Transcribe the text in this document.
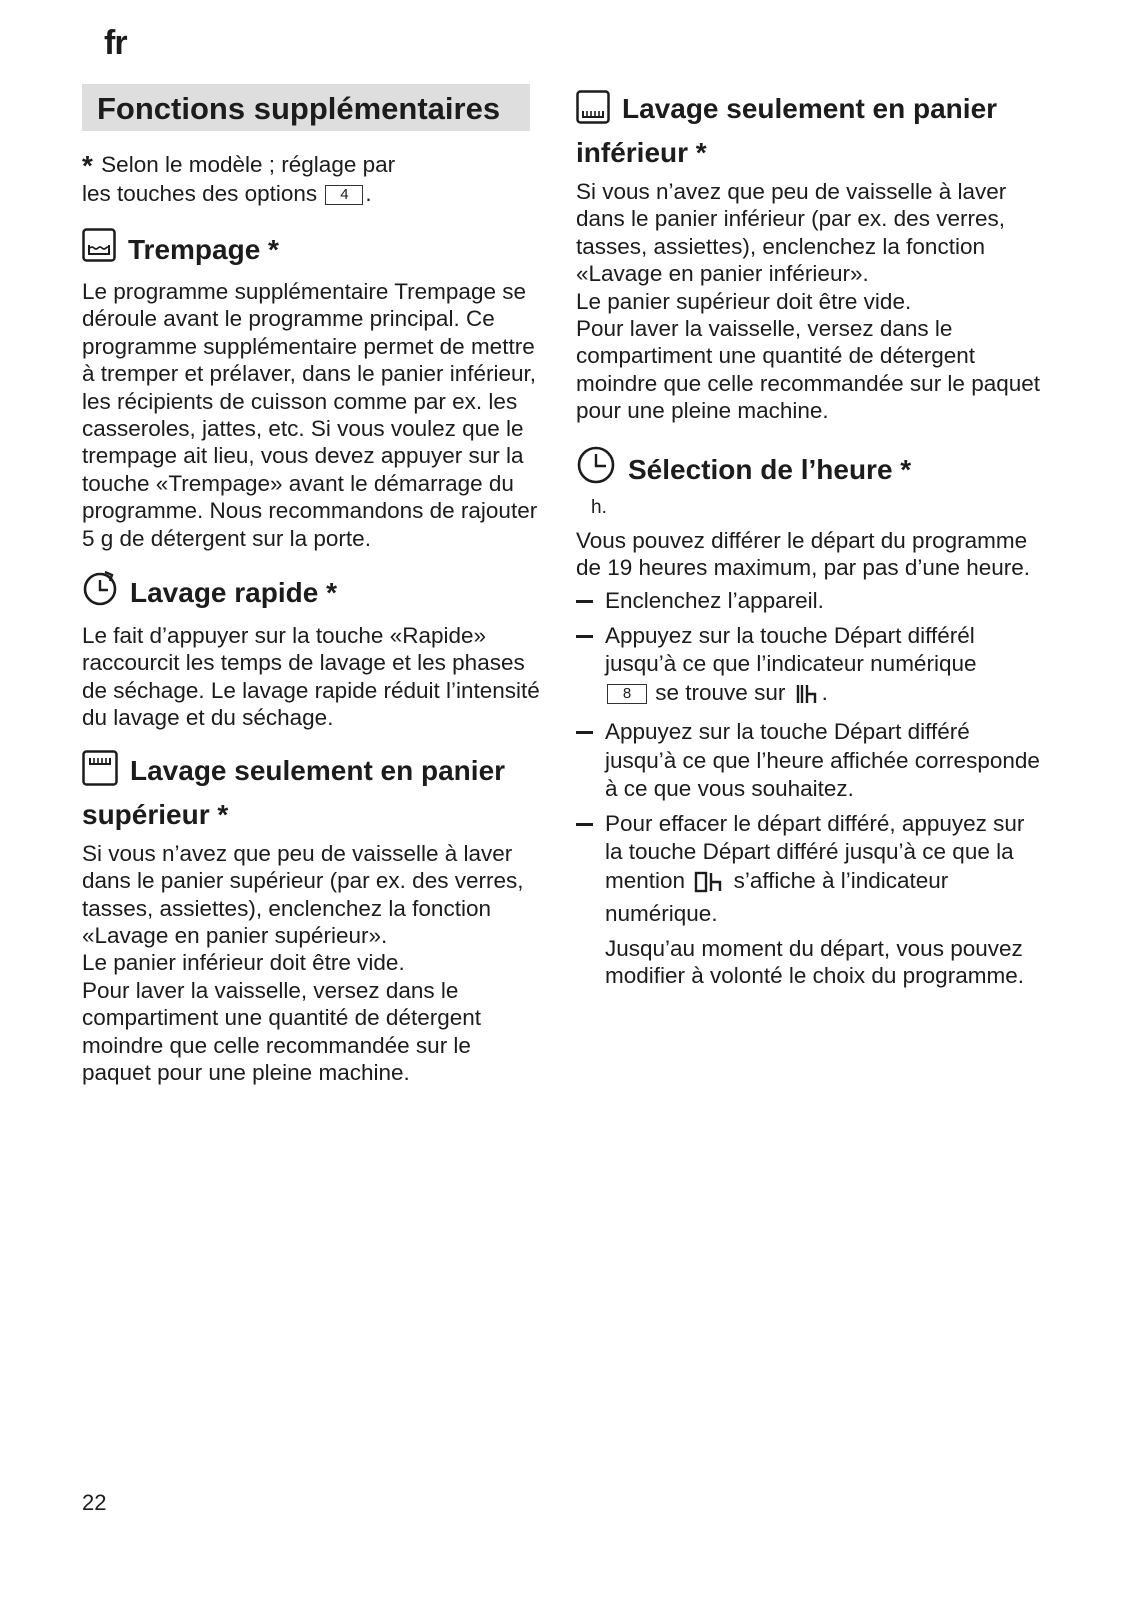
fr
Fonctions supplémentaires
* Selon le modèle ; réglage par
les touches des options 4 .
Trempage *
Le programme supplémentaire Trempage se déroule avant le programme principal. Ce programme supplémentaire permet de mettre à tremper et prélaver, dans le panier inférieur, les récipients de cuisson comme par ex. les casseroles, jattes, etc. Si vous voulez que le trempage ait lieu, vous devez appuyer sur la touche «Trempage» avant le démarrage du programme. Nous recommandons de rajouter 5 g de détergent sur la porte.
Lavage rapide *
Le fait d’appuyer sur la touche «Rapide» raccourcit les temps de lavage et les phases de séchage. Le lavage rapide réduit l’intensité du lavage et du séchage.
Lavage seulement en panier supérieur *

Si vous n’avez que peu de vaisselle à laver dans le panier supérieur (par ex. des verres, tasses, assiettes), enclenchez la fonction «Lavage en panier supérieur».

Le panier inférieur doit être vide.

Pour laver la vaisselle, versez dans le compartiment une quantité de détergent moindre que celle recommandée sur le paquet pour une pleine machine.

Lavage seulement en panier inférieur *

Si vous n’avez que peu de vaisselle à laver dans le panier inférieur (par ex. des verres, tasses, assiettes), enclenchez la fonction «Lavage en panier inférieur».

Le panier supérieur doit être vide.

Pour laver la vaisselle, versez dans le compartiment une quantité de détergent moindre que celle recommandée sur le paquet pour une pleine machine.

Sélection de l’heure *
h.
Vous pouvez différer le départ du programme de 19 heures maximum, par pas d’une heure.
Enclenchez l’appareil.
Appuyez sur la touche Départ différél jusqu’à ce que l’indicateur numérique
8 se trouve sur .
Appuyez sur la touche Départ différé jusqu’à ce que l’heure affichée corresponde à ce que vous souhaitez.
Pour effacer le départ différé, appuyez sur la touche Départ différé jusqu’à ce que la mention s’affiche à l’indicateur numérique.
Jusqu’au moment du départ, vous pouvez modifier à volonté le choix du programme.
22
